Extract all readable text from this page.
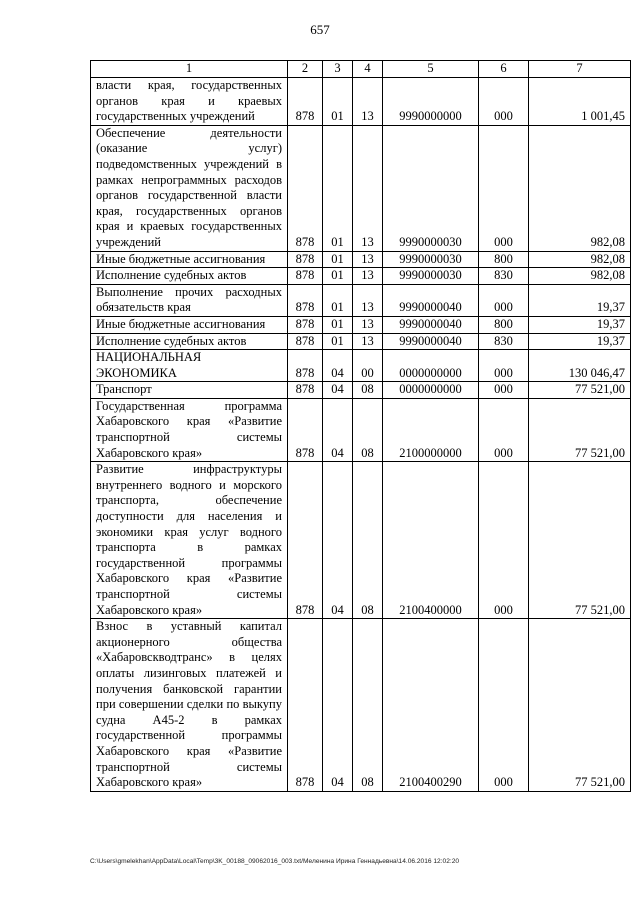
657
1	2	3	4	5	6	7
власти края, государственных органов края и краевых государственных учреждений	878	01	13	9990000000	000	1 001,45
Обеспечение деятельности (оказание услуг) подведомственных учреждений в рамках непрограммных расходов органов государственной власти края, государственных органов края и краевых государственных учреждений	878	01	13	9990000030	000	982,08
Иные бюджетные ассигнования	878	01	13	9990000030	800	982,08
Исполнение судебных актов	878	01	13	9990000030	830	982,08
Выполнение прочих расходных обязательств края	878	01	13	9990000040	000	19,37
Иные бюджетные ассигнования	878	01	13	9990000040	800	19,37
Исполнение судебных актов	878	01	13	9990000040	830	19,37
НАЦИОНАЛЬНАЯ ЭКОНОМИКА	878	04	00	0000000000	000	130 046,47
Транспорт	878	04	08	0000000000	000	77 521,00
Государственная программа Хабаровского края «Развитие транспортной системы Хабаровского края»	878	04	08	2100000000	000	77 521,00
Развитие инфраструктуры внутреннего водного и морского транспорта, обеспечение доступности для населения и экономики края услуг водного транспорта в рамках государственной программы Хабаровского края «Развитие транспортной системы Хабаровского края»	878	04	08	2100400000	000	77 521,00
Взнос в уставный капитал акционерного общества «Хабаровскводтранс» в целях оплаты лизинговых платежей и получения банковской гарантии при совершении сделки по выкупу судна А45-2 в рамках государственной программы Хабаровского края «Развитие транспортной системы Хабаровского края»	878	04	08	2100400290	000	77 521,00
C:\Users\gmelekhan\AppData\Local\Temp\3K_00188_09062016_003.txt/Меленина Ирина Геннадьевна\14.06.2016 12:02:20
